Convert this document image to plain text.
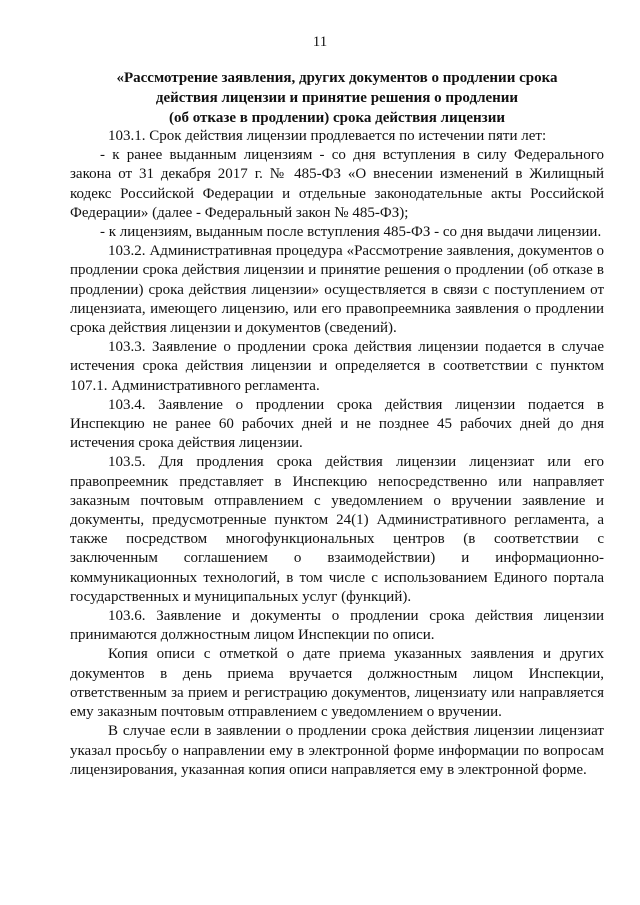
11
«Рассмотрение заявления, других документов о продлении срока
действия лицензии и принятие решения о продлении
(об отказе в продлении) срока действия лицензии

103.1. Срок действия лицензии продлевается по истечении пяти лет:

- к ранее выданным лицензиям - со дня вступления в силу Федерального закона от 31 декабря 2017 г. № 485-ФЗ «О внесении изменений в Жилищный кодекс Российской Федерации и отдельные законодательные акты Российской Федерации» (далее - Федеральный закон № 485-ФЗ);

- к лицензиям, выданным после вступления 485-ФЗ - со дня выдачи лицензии.

103.2. Административная процедура «Рассмотрение заявления, документов о продлении срока действия лицензии и принятие решения о продлении (об отказе в продлении) срока действия лицензии» осуществляется в связи с поступлением от лицензиата, имеющего лицензию, или его правопреемника заявления о продлении срока действия лицензии и документов (сведений).

103.3. Заявление о продлении срока действия лицензии подается в случае истечения срока действия лицензии и определяется в соответствии с пунктом 107.1. Административного регламента.

103.4. Заявление о продлении срока действия лицензии подается в Инспекцию не ранее 60 рабочих дней и не позднее 45 рабочих дней до дня истечения срока действия лицензии.

103.5. Для продления срока действия лицензии лицензиат или его правопреемник представляет в Инспекцию непосредственно или направляет заказным почтовым отправлением с уведомлением о вручении заявление и документы, предусмотренные пунктом 24(1) Административного регламента, а также посредством многофункциональных центров (в соответствии с заключенным соглашением о взаимодействии) и информационно-коммуникационных технологий, в том числе с использованием Единого портала государственных и муниципальных услуг (функций).

103.6. Заявление и документы о продлении срока действия лицензии принимаются должностным лицом Инспекции по описи.

Копия описи с отметкой о дате приема указанных заявления и других документов в день приема вручается должностным лицом Инспекции, ответственным за прием и регистрацию документов, лицензиату или направляется ему заказным почтовым отправлением с уведомлением о вручении.

В случае если в заявлении о продлении срока действия лицензии лицензиат указал просьбу о направлении ему в электронной форме информации по вопросам лицензирования, указанная копия описи направляется ему в электронной форме.
